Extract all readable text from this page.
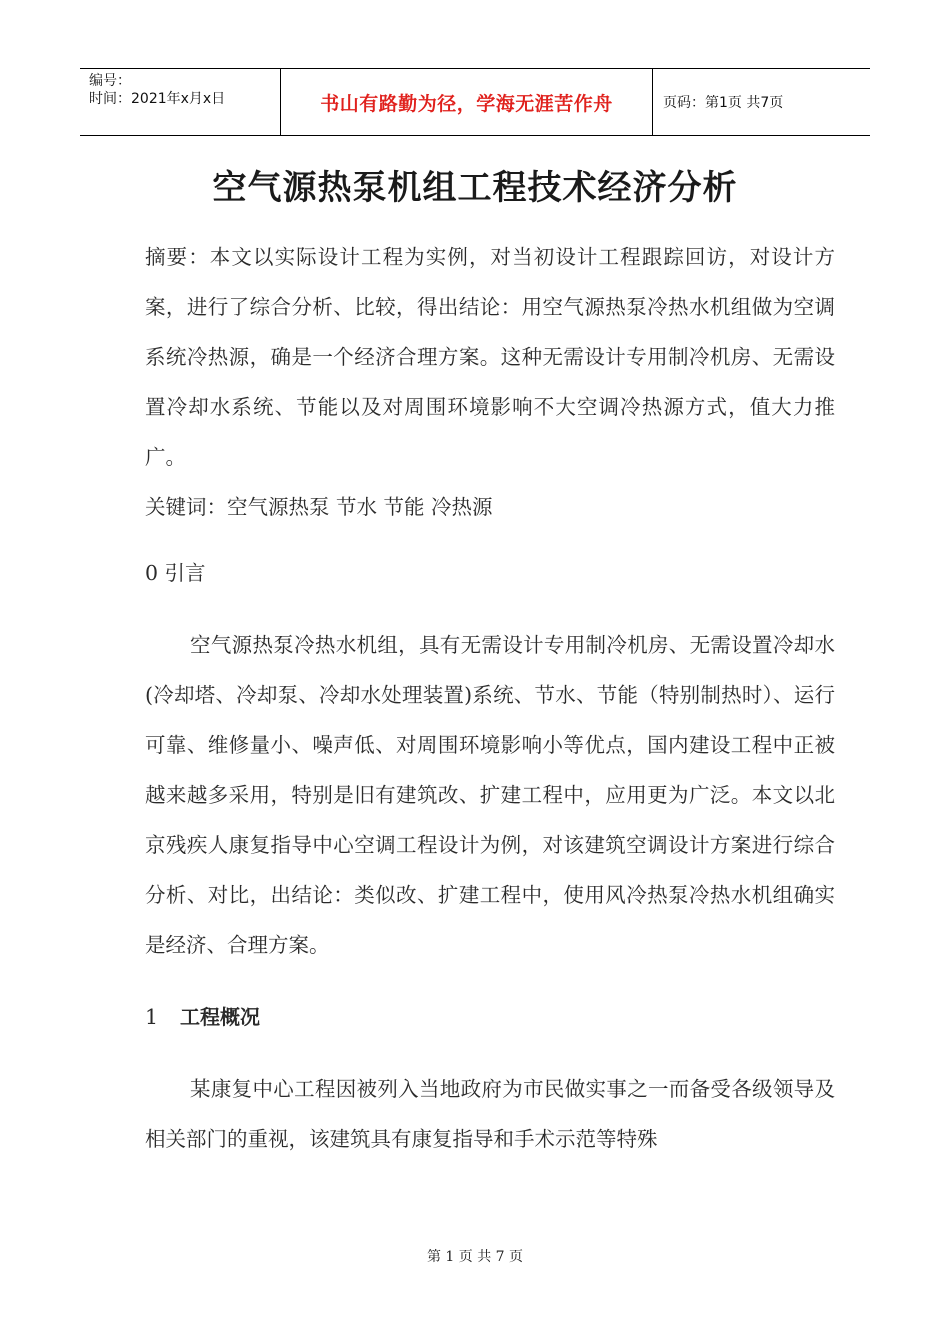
编号：
时间：2021年x月x日	书山有路勤为径，学海无涯苦作舟	页码：第1页 共7页
空气源热泵机组工程技术经济分析

摘要：本文以实际设计工程为实例，对当初设计工程跟踪回访，对设计方案，进行了综合分析、比较，得出结论：用空气源热泵冷热水机组做为空调系统冷热源，确是一个经济合理方案。这种无需设计专用制冷机房、无需设置冷却水系统、节能以及对周围环境影响不大空调冷热源方式，值大力推广。

关键词：空气源热泵 节水 节能 冷热源

0 引言

空气源热泵冷热水机组，具有无需设计专用制冷机房、无需设置冷却水(冷却塔、冷却泵、冷却水处理装置)系统、节水、节能（特别制热时）、运行可靠、维修量小、噪声低、对周围环境影响小等优点，国内建设工程中正被越来越多采用，特别是旧有建筑改、扩建工程中，应用更为广泛。本文以北京残疾人康复指导中心空调工程设计为例，对该建筑空调设计方案进行综合分析、对比，出结论：类似改、扩建工程中，使用风冷热泵冷热水机组确实是经济、合理方案。

1 工程概况

某康复中心工程因被列入当地政府为市民做实事之一而备受各级领导及相关部门的重视，该建筑具有康复指导和手术示范等特殊

第 1 页 共 7 页
